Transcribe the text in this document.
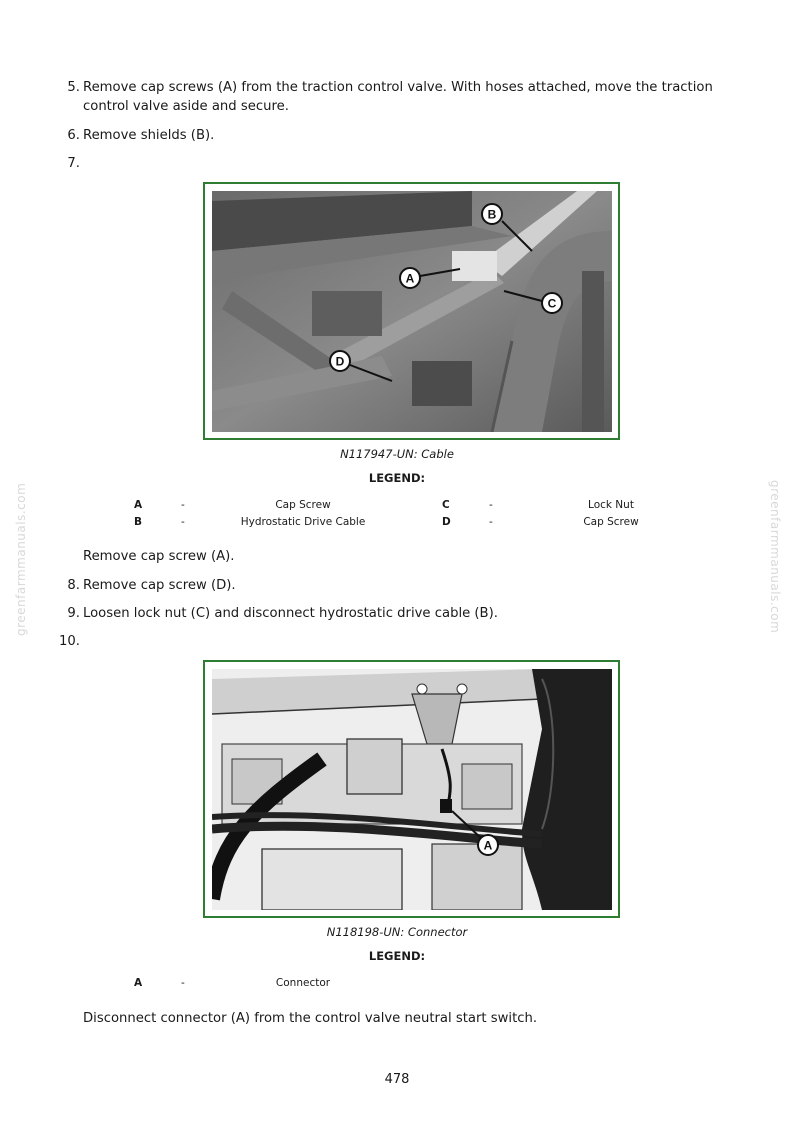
5. Remove cap screws (A) from the traction control valve. With hoses attached, move the traction control valve aside and secure.
6. Remove shields (B).
7.
B
A
C
D
N117947-UN: Cable
LEGEND:
A	-	Cap Screw	C	-	Lock Nut
B	-	Hydrostatic Drive Cable	D	-	Cap Screw
Remove cap screw (A).
8. Remove cap screw (D).
9. Loosen lock nut (C) and disconnect hydrostatic drive cable (B).
10.
A
N118198-UN: Connector
LEGEND:
A	-	Connector
Disconnect connector (A) from the control valve neutral start switch.
greenfarmmanuals.com	greenfarmmanuals.com
478
